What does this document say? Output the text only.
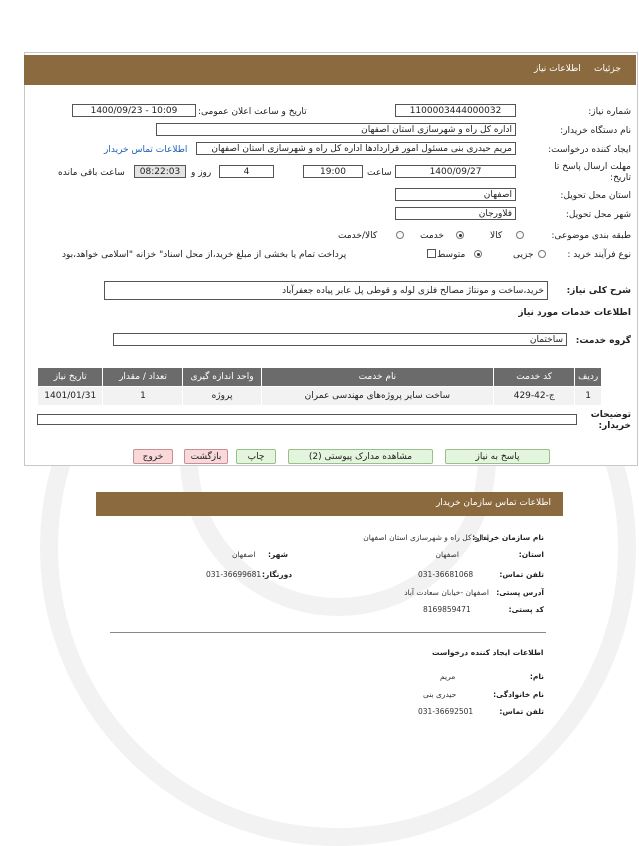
جزئیات
اطلاعات نیاز
شماره نیاز:
1100003444000032
تاریخ و ساعت اعلان عمومی:
1400/09/23 - 10:09
نام دستگاه خریدار:
اداره کل راه و شهرسازی استان اصفهان
ایجاد کننده درخواست:
مریم حیدری بنی مسئول امور قراردادها اداره کل راه و شهرسازی استان اصفهان
اطلاعات تماس خریدار
مهلت ارسال پاسخ تا تاریخ:
1400/09/27
ساعت
19:00
4
روز و
08:22:03
ساعت باقی مانده
استان محل تحویل:
اصفهان
شهر محل تحویل:
فلاورجان
طبقه بندی موضوعی:
کالا
خدمت
کالا/خدمت
نوع فرآیند خرید :
جزیی
متوسط
پرداخت تمام یا بخشی از مبلغ خرید،از محل اسناد" خزانه "اسلامی خواهد،بود
شرح کلی نیاز:
خرید،ساخت و مونتاژ مصالح فلزی لوله و قوطی پل عابر پیاده جعفرآباد
اطلاعات خدمات مورد نیاز
گروه خدمت:
ساختمان
ردیف	کد خدمت	نام خدمت	واحد اندازه گیری	تعداد / مقدار	تاریخ نیاز
1	ج-42-429	ساخت سایر پروژه‌های مهندسی عمران	پروژه	1	1401/01/31
توضیحات خریدار:
پاسخ به نیاز
مشاهده مدارک پیوستی (2)
چاپ
بازگشت
خروج
اطلاعات تماس سازمان خریدار
نام سازمان خریدار:
اداره کل راه و شهرسازی استان اصفهان
استان:
اصفهان
شهر:
اصفهان
تلفن تماس:
031-36681068
دورنگار:
031-36699681
آدرس پستی:
اصفهان -خیابان سعادت آباد
کد پستی:
8169859471
اطلاعات ایجاد کننده درخواست
نام:
مریم
نام خانوادگی:
حیدری بنی
تلفن تماس:
031-36692501
